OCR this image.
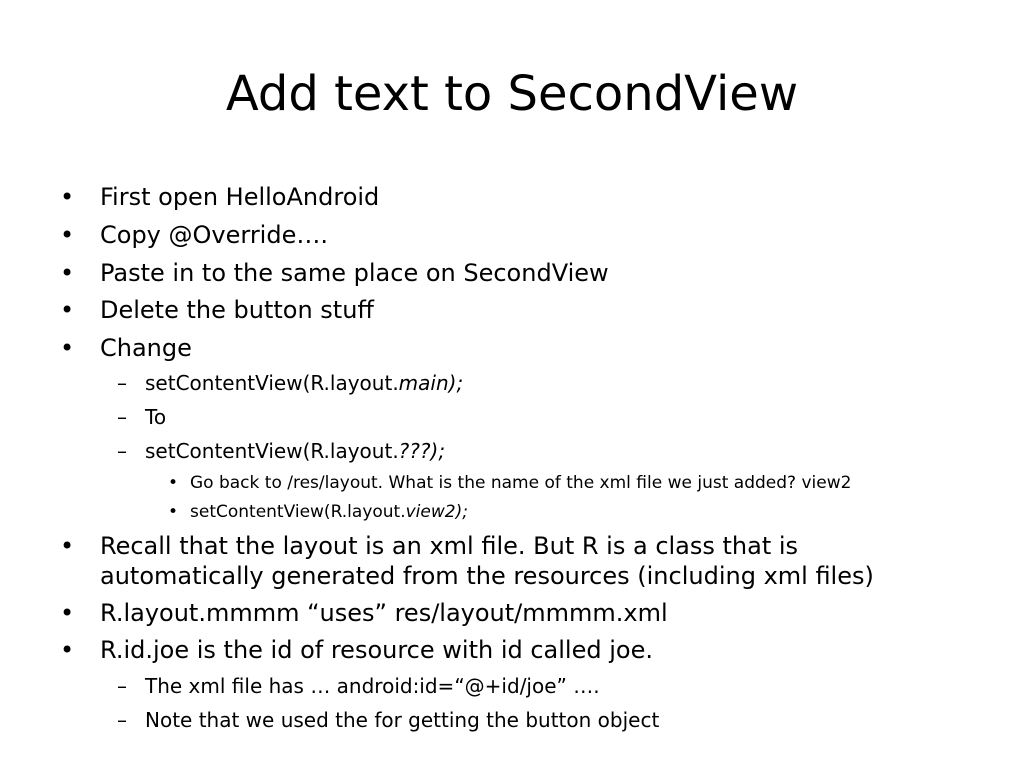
Add text to SecondView
• First open HelloAndroid
• Copy @Override….
• Paste in to the same place on SecondView
• Delete the button stuff
• Change
– setContentView(R.layout.main);
– To
– setContentView(R.layout.???);
• Go back to /res/layout. What is the name of the xml file we just added? view2
• setContentView(R.layout.view2);
• Recall that the layout is an xml file. But R is a class that is
automatically generated from the resources (including xml files)
• R.layout.mmmm “uses” res/layout/mmmm.xml
• R.id.joe is the id of resource with id called joe.
– The xml file has … android:id=“@+id/joe” ….
– Note that we used the for getting the button object
